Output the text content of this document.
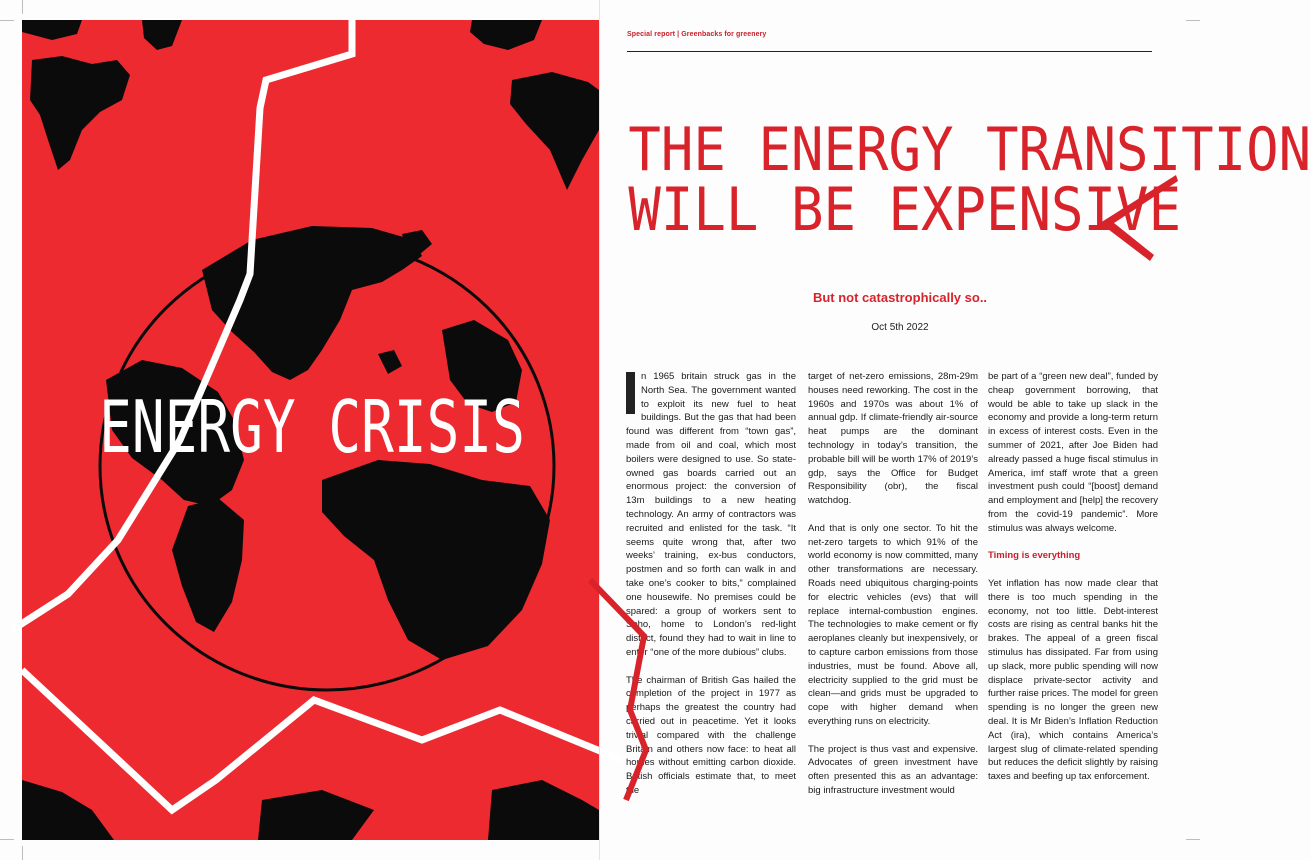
ENERGY CRISIS
Special report | Greenbacks for greenery
THE ENERGY TRANSITION
WILL BE EXPENSIVE
But not catastrophically so..
Oct 5th 2022

n 1965 britain struck gas in the North Sea. The government wanted to exploit its new fuel to heat buildings. But the gas that had been found was different from “town gas”, made from oil and coal, which most boilers were designed to use. So state-owned gas boards carried out an enormous project: the conversion of 13m buildings to a new heating technology. An army of contractors was recruited and enlisted for the task. “It seems quite wrong that, after two weeks’ training, ex-bus conductors, postmen and so forth can walk in and take one’s cooker to bits,” complained one housewife. No premises could be spared: a group of workers sent to Soho, home to London’s red-light district, found they had to wait in line to enter “one of the more dubious” clubs.

The chairman of British Gas hailed the completion of the project in 1977 as perhaps the greatest the country had carried out in peacetime. Yet it looks trivial compared with the challenge Britain and others now face: to heat all homes without emitting carbon dioxide. British officials estimate that, to meet the

target of net-zero emissions, 28m-29m houses need reworking. The cost in the 1960s and 1970s was about 1% of annual gdp. If climate-friendly air-source heat pumps are the dominant technology in today’s transition, the probable bill will be worth 17% of 2019’s gdp, says the Office for Budget Responsibility (obr), the fiscal watchdog.

And that is only one sector. To hit the net-zero targets to which 91% of the world economy is now committed, many other transformations are necessary. Roads need ubiquitous charging-points for electric vehicles (evs) that will replace internal-combustion engines. The technologies to make cement or fly aeroplanes cleanly but inexpensively, or to capture carbon emissions from those industries, must be found. Above all, electricity supplied to the grid must be clean—and grids must be upgraded to cope with higher demand when everything runs on electricity.

The project is thus vast and expensive. Advocates of green investment have often presented this as an advantage: big infrastructure investment would

be part of a “green new deal”, funded by cheap government borrowing, that would be able to take up slack in the economy and provide a long-term return in excess of interest costs. Even in the summer of 2021, after Joe Biden had already passed a huge fiscal stimulus in America, imf staff wrote that a green investment push could “[boost] demand and employment and [help] the recovery from the covid-19 pandemic”. More stimulus was always welcome.

Timing is everything

Yet inflation has now made clear that there is too much spending in the economy, not too little. Debt-interest costs are rising as central banks hit the brakes. The appeal of a green fiscal stimulus has dissipated. Far from using up slack, more public spending will now displace private-sector activity and further raise prices. The model for green spending is no longer the green new deal. It is Mr Biden’s Inflation Reduction Act (ira), which contains America’s largest slug of climate-related spending but reduces the deficit slightly by raising taxes and beefing up tax enforcement.
